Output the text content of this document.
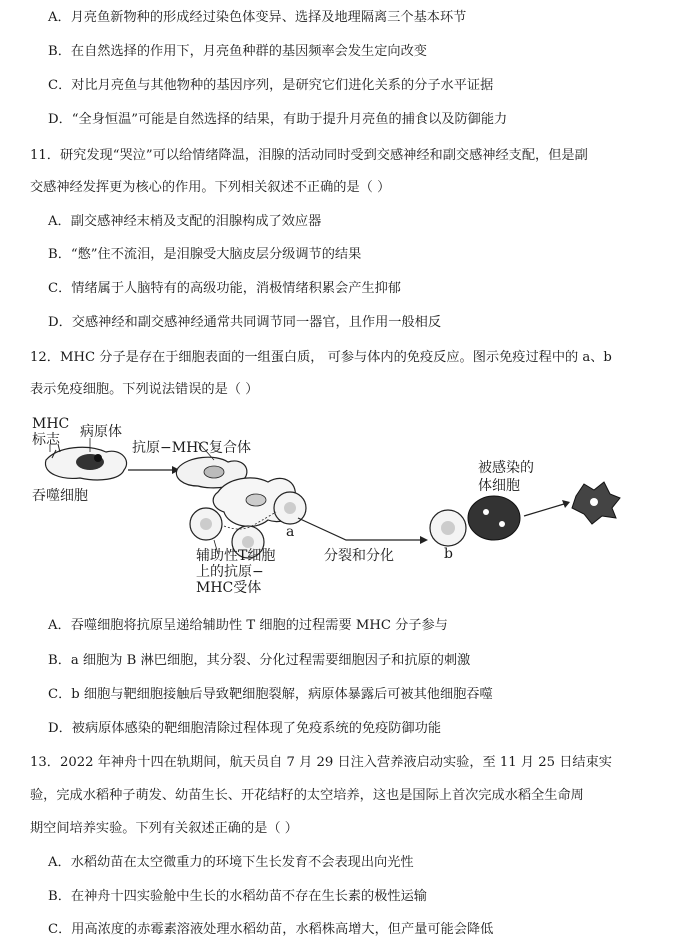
A．月亮鱼新物种的形成经过染色体变异、选择及地理隔离三个基本环节
B．在自然选择的作用下，月亮鱼种群的基因频率会发生定向改变
C．对比月亮鱼与其他物种的基因序列，是研究它们进化关系的分子水平证据
D．“全身恒温”可能是自然选择的结果，有助于提升月亮鱼的捕食以及防御能力
11．研究发现“哭泣”可以给情绪降温，泪腺的活动同时受到交感神经和副交感神经支配，但是副
交感神经发挥更为核心的作用。下列相关叙述不正确的是（ ）
A．副交感神经末梢及支配的泪腺构成了效应器
B．“憋”住不流泪，是泪腺受大脑皮层分级调节的结果
C．情绪属于人脑特有的高级功能，消极情绪积累会产生抑郁
D．交感神经和副交感神经通常共同调节同一器官，且作用一般相反
12．MHC 分子是存在于细胞表面的一组蛋白质， 可参与体内的免疫反应。图示免疫过程中的 a、b
表示免疫细胞。下列说法错误的是（ ）
MHC
标志 病原体
抗原−MHC复合体
吞噬细胞
被感染的
体细胞
a
b
分裂和分化
辅助性T细胞
上的抗原−
MHC受体
A．吞噬细胞将抗原呈递给辅助性 T 细胞的过程需要 MHC 分子参与
B．a 细胞为 B 淋巴细胞，其分裂、分化过程需要细胞因子和抗原的刺激
C．b 细胞与靶细胞接触后导致靶细胞裂解，病原体暴露后可被其他细胞吞噬
D．被病原体感染的靶细胞清除过程体现了免疫系统的免疫防御功能
13．2022 年神舟十四在轨期间，航天员自 7 月 29 日注入营养液启动实验，至 11 月 25 日结束实
验，完成水稻种子萌发、幼苗生长、开花结籽的太空培养，这也是国际上首次完成水稻全生命周
期空间培养实验。下列有关叙述正确的是（ ）
A．水稻幼苗在太空微重力的环境下生长发育不会表现出向光性
B．在神舟十四实验舱中生长的水稻幼苗不存在生长素的极性运输
C．用高浓度的赤霉素溶液处理水稻幼苗，水稻株高增大，但产量可能会降低
